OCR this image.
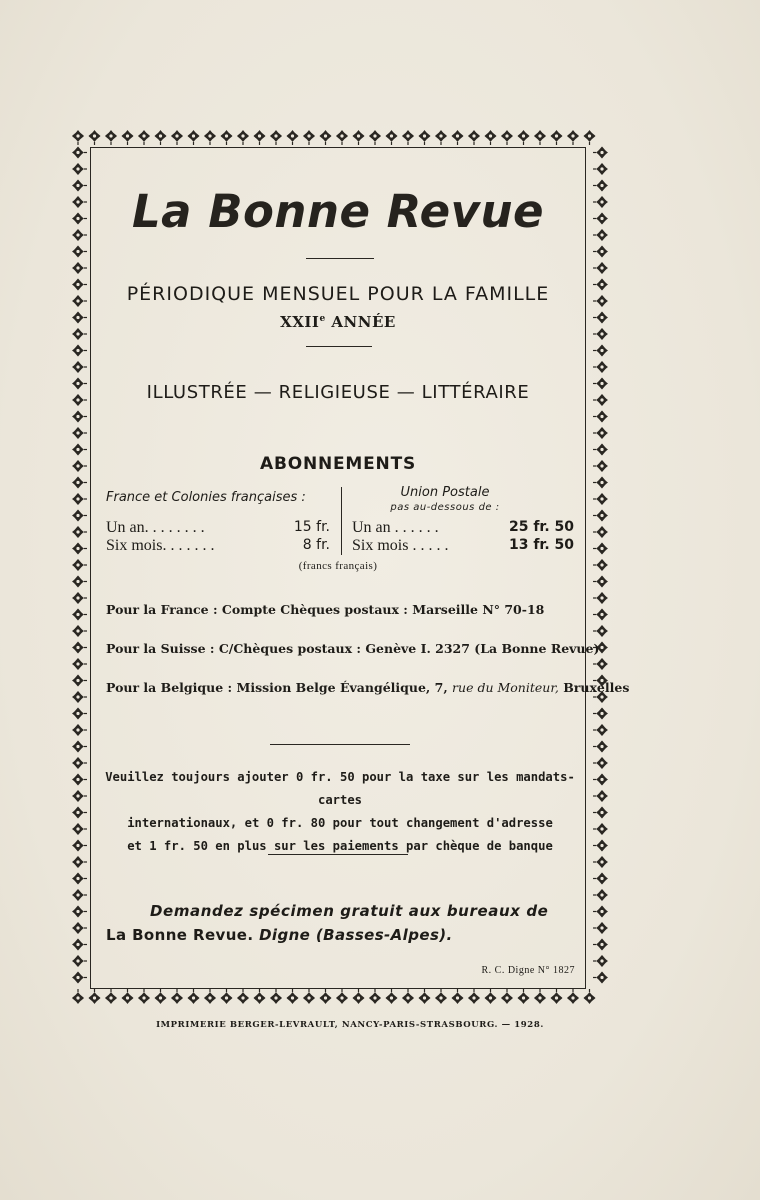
La Bonne Revue
PÉRIODIQUE MENSUEL POUR LA FAMILLE
XXIIe ANNÉE
ILLUSTRÉE — RELIGIEUSE — LITTÉRAIRE
ABONNEMENTS
France et Colonies françaises :
Un an. . . . . . . .	15 fr.
Six mois. . . . . . .	8 fr.
Union Postale
pas au-dessous de :
Un an . . . . . .	25 fr. 50
Six mois . . . . .	13 fr. 50
(francs français)
Pour la France : Compte Chèques postaux : Marseille N° 70-18
Pour la Suisse : C/Chèques postaux : Genève I. 2327 (La Bonne Revue)
Pour la Belgique : Mission Belge Évangélique, 7, rue du Moniteur, Bruxelles
Veuillez toujours ajouter 0 fr. 50 pour la taxe sur les mandats-cartes
internationaux, et 0 fr. 80 pour tout changement d'adresse
et 1 fr. 50 en plus sur les paiements par chèque de banque
Demandez spécimen gratuit aux bureaux de
La Bonne Revue. Digne (Basses-Alpes).
R. C. Digne N° 1827
IMPRIMERIE BERGER-LEVRAULT, NANCY-PARIS-STRASBOURG. — 1928.
